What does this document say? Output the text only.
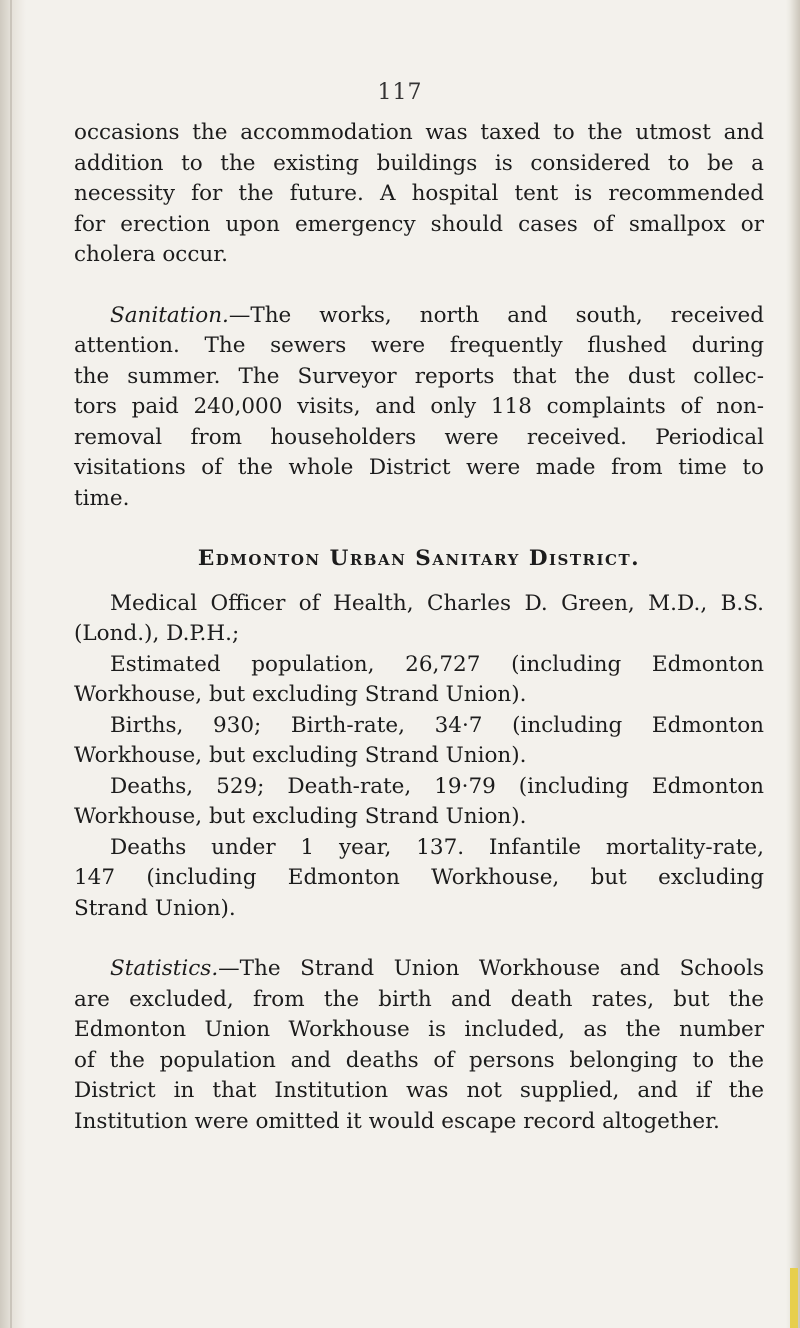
117

occasions the accommodation was taxed to the utmost and
addition to the existing buildings is considered to be a
necessity for the future. A hospital tent is recommended
for erection upon emergency should cases of smallpox or
cholera occur.

Sanitation.—The works, north and south, received
attention. The sewers were frequently flushed during
the summer. The Surveyor reports that the dust collec-
tors paid 240,000 visits, and only 118 complaints of non-
removal from householders were received. Periodical
visitations of the whole District were made from time to
time.

Edmonton Urban Sanitary District.

Medical Officer of Health, Charles D. Green, M.D., B.S.
(Lond.), D.P.H.;

Estimated population, 26,727 (including Edmonton
Workhouse, but excluding Strand Union).

Births, 930; Birth-rate, 34·7 (including Edmonton
Workhouse, but excluding Strand Union).

Deaths, 529; Death-rate, 19·79 (including Edmonton
Workhouse, but excluding Strand Union).

Deaths under 1 year, 137. Infantile mortality-rate,
147 (including Edmonton Workhouse, but excluding
Strand Union).

Statistics.—The Strand Union Workhouse and Schools
are excluded, from the birth and death rates, but the
Edmonton Union Workhouse is included, as the number
of the population and deaths of persons belonging to the
District in that Institution was not supplied, and if the
Institution were omitted it would escape record altogether.
